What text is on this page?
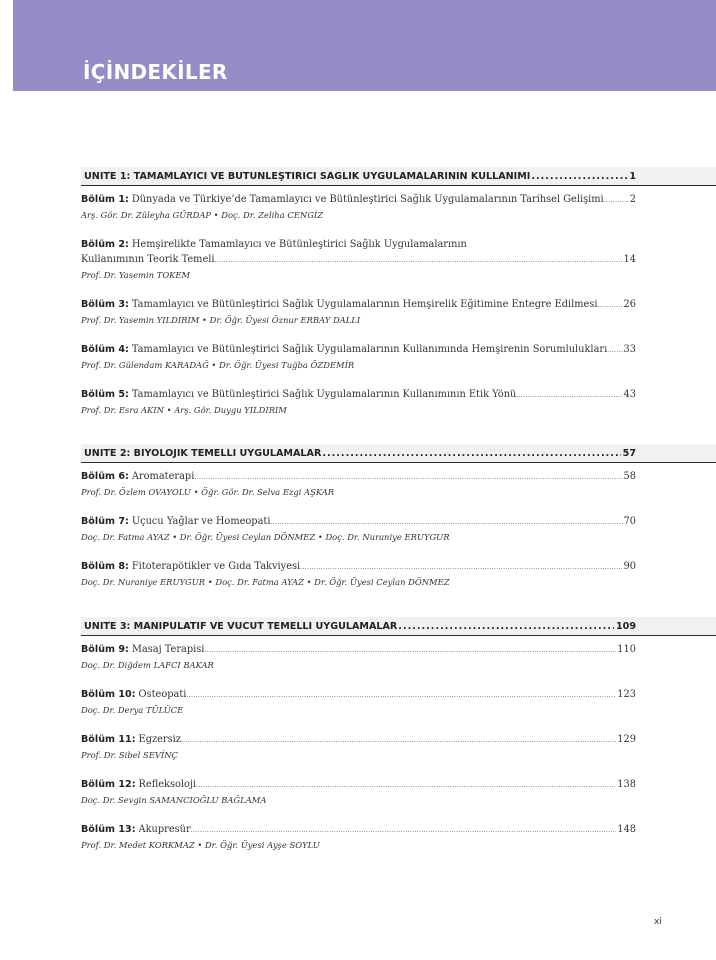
İÇİNDEKİLER
ÜNİTE 1: TAMAMLAYICI VE BÜTÜNLEŞTİRİCİ SAĞLIK UYGULAMALARININ KULLANIMI .....	1
Bölüm 1: Dünyada ve Türkiye’de Tamamlayıcı ve Bütünleştirici Sağlık Uygulamalarının Tarihsel Gelişimi .....	2
Arş. Gör. Dr. Züleyha GÜRDAP • Doç. Dr. Zeliha CENGİZ
Bölüm 2: Hemşirelikte Tamamlayıcı ve Bütünleştirici Sağlık Uygulamalarının
Kullanımının Teorik Temeli .....	14
Prof. Dr. Yasemin TOKEM
Bölüm 3: Tamamlayıcı ve Bütünleştirici Sağlık Uygulamalarının Hemşirelik Eğitimine Entegre Edilmesi .....	26
Prof. Dr. Yasemin YILDIRIM • Dr. Öğr. Üyesi Öznur ERBAY DALLI
Bölüm 4: Tamamlayıcı ve Bütünleştirici Sağlık Uygulamalarının Kullanımında Hemşirenin Sorumlulukları ..... 33
Prof. Dr. Gülendam KARADAĞ • Dr. Öğr. Üyesi Tuğba ÖZDEMİR
Bölüm 5: Tamamlayıcı ve Bütünleştirici Sağlık Uygulamalarının Kullanımının Etik Yönü .....	43
Prof. Dr. Esra AKIN • Arş. Gör. Duygu YILDIRIM
ÜNİTE 2: BİYOLOJİK TEMELLİ UYGULAMALAR .....	57
Bölüm 6: Aromaterapi .....	58
Prof. Dr. Özlem OVAYOLU • Öğr. Gör. Dr. Selva Ezgi AŞKAR
Bölüm 7: Uçucu Yağlar ve Homeopati .....	70
Doç. Dr. Fatma AYAZ • Dr. Öğr. Üyesi Ceylan DÖNMEZ • Doç. Dr. Nuraniye ERUYGUR
Bölüm 8: Fitoterapötikler ve Gıda Takviyesi .....	90
Doç. Dr. Nuraniye ERUYGUR • Doç. Dr. Fatma AYAZ • Dr. Öğr. Üyesi Ceylan DÖNMEZ
ÜNİTE 3: MANİPÜLATİF VE VÜCUT TEMELLİ UYGULAMALAR .....	109
Bölüm 9: Masaj Terapisi .....	110
Doç. Dr. Diğdem LAFCI BAKAR
Bölüm 10: Osteopati .....	123
Doç. Dr. Derya TÜLÜCE
Bölüm 11: Egzersiz .....	129
Prof. Dr. Sibel SEVİNÇ
Bölüm 12: Refleksoloji .....	138
Doç. Dr. Sevgin SAMANCIOĞLU BAĞLAMA
Bölüm 13: Akupresür .....	148
Prof. Dr. Medet KORKMAZ • Dr. Öğr. Üyesi Ayşe SOYLU
xi
